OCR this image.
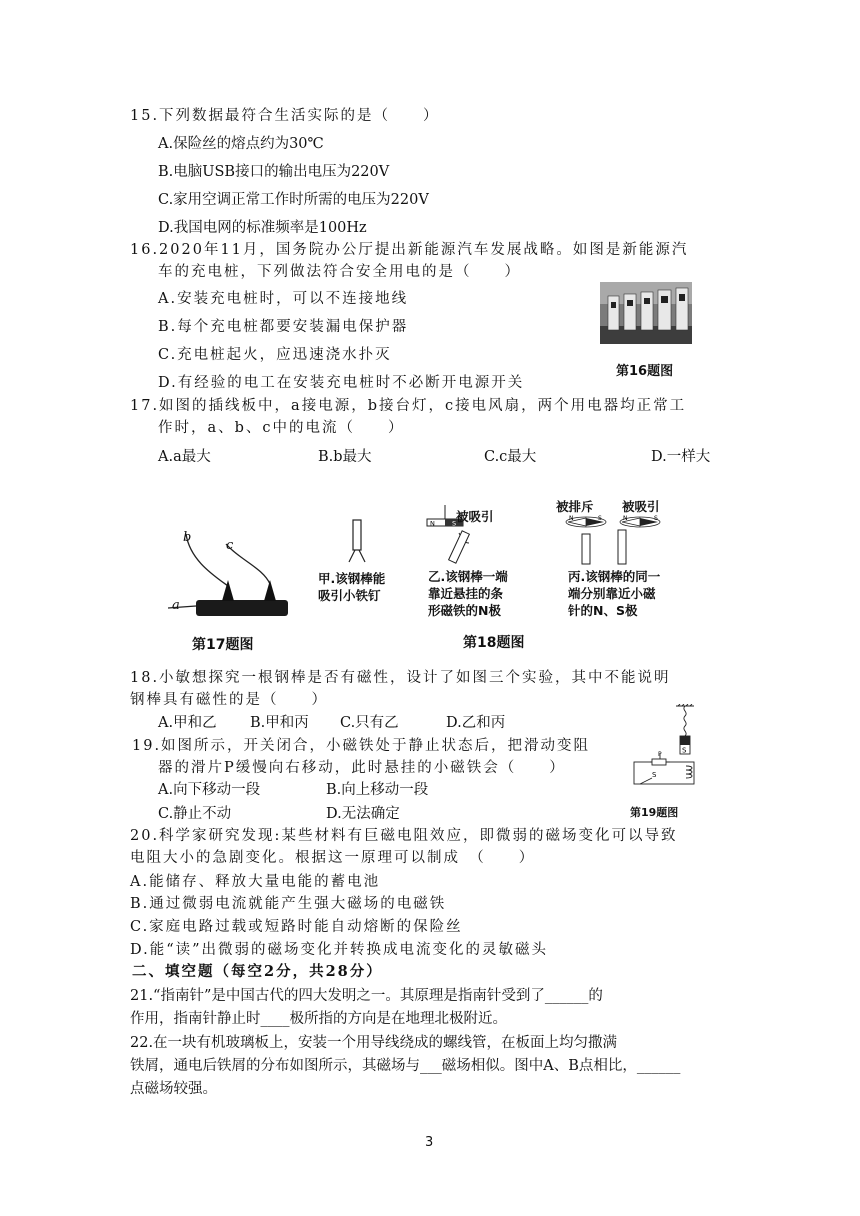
15.下列数据最符合生活实际的是（　　）
A.保险丝的熔点约为30℃
B.电脑USB接口的输出电压为220V
C.家用空调正常工作时所需的电压为220V
D.我国电网的标准频率是100Hz
16.2020年11月，国务院办公厅提出新能源汽车发展战略。如图是新能源汽
车的充电桩，下列做法符合安全用电的是（　　）
A.安装充电桩时，可以不连接地线
B.每个充电桩都要安装漏电保护器
C.充电桩起火，应迅速浇水扑灭
D.有经验的电工在安装充电桩时不必断开电源开关
第16题图
17.如图的插线板中，a接电源，b接台灯，c接电风扇，两个用电器均正常工
作时，a、b、c中的电流（　　）
A.a最大	B.b最大	C.c最大	D.一样大
b
c
a
第17题图
甲.该钢棒能
吸引小铁钉
N	S 被吸引
乙.该钢棒一端
靠近悬挂的条
形磁铁的N极
N	S	N	S
被排斥 被吸引
丙.该钢棒的同一
端分别靠近小磁
针的N、S极
第18题图
18.小敏想探究一根钢棒是否有磁性，设计了如图三个实验，其中不能说明
钢棒具有磁性的是（　　）
A.甲和乙 B.甲和丙 C.只有乙	D.乙和丙
19.如图所示，开关闭合，小磁铁处于静止状态后，把滑动变阻
器的滑片P缓慢向右移动，此时悬挂的小磁铁会（　　）
A.向下移动一段	B.向上移动一段
C.静止不动	D.无法确定
S
P
S
第19题图
20.科学家研究发现:某些材料有巨磁电阻效应，即微弱的磁场变化可以导致
电阻大小的急剧变化。根据这一原理可以制成　（　　）
A.能储存、释放大量电能的蓄电池
B.通过微弱电流就能产生强大磁场的电磁铁
C.家庭电路过载或短路时能自动熔断的保险丝
D.能“读”出微弱的磁场变化并转换成电流变化的灵敏磁头
二、填空题（每空2分，共28分）
21.“指南针”是中国古代的四大发明之一。其原理是指南针受到了______的
作用，指南针静止时____极所指的方向是在地理北极附近。
22.在一块有机玻璃板上，安装一个用导线绕成的螺线管，在板面上均匀撒满
铁屑，通电后铁屑的分布如图所示，其磁场与___磁场相似。图中A、B点相比，______
点磁场较强。
3
